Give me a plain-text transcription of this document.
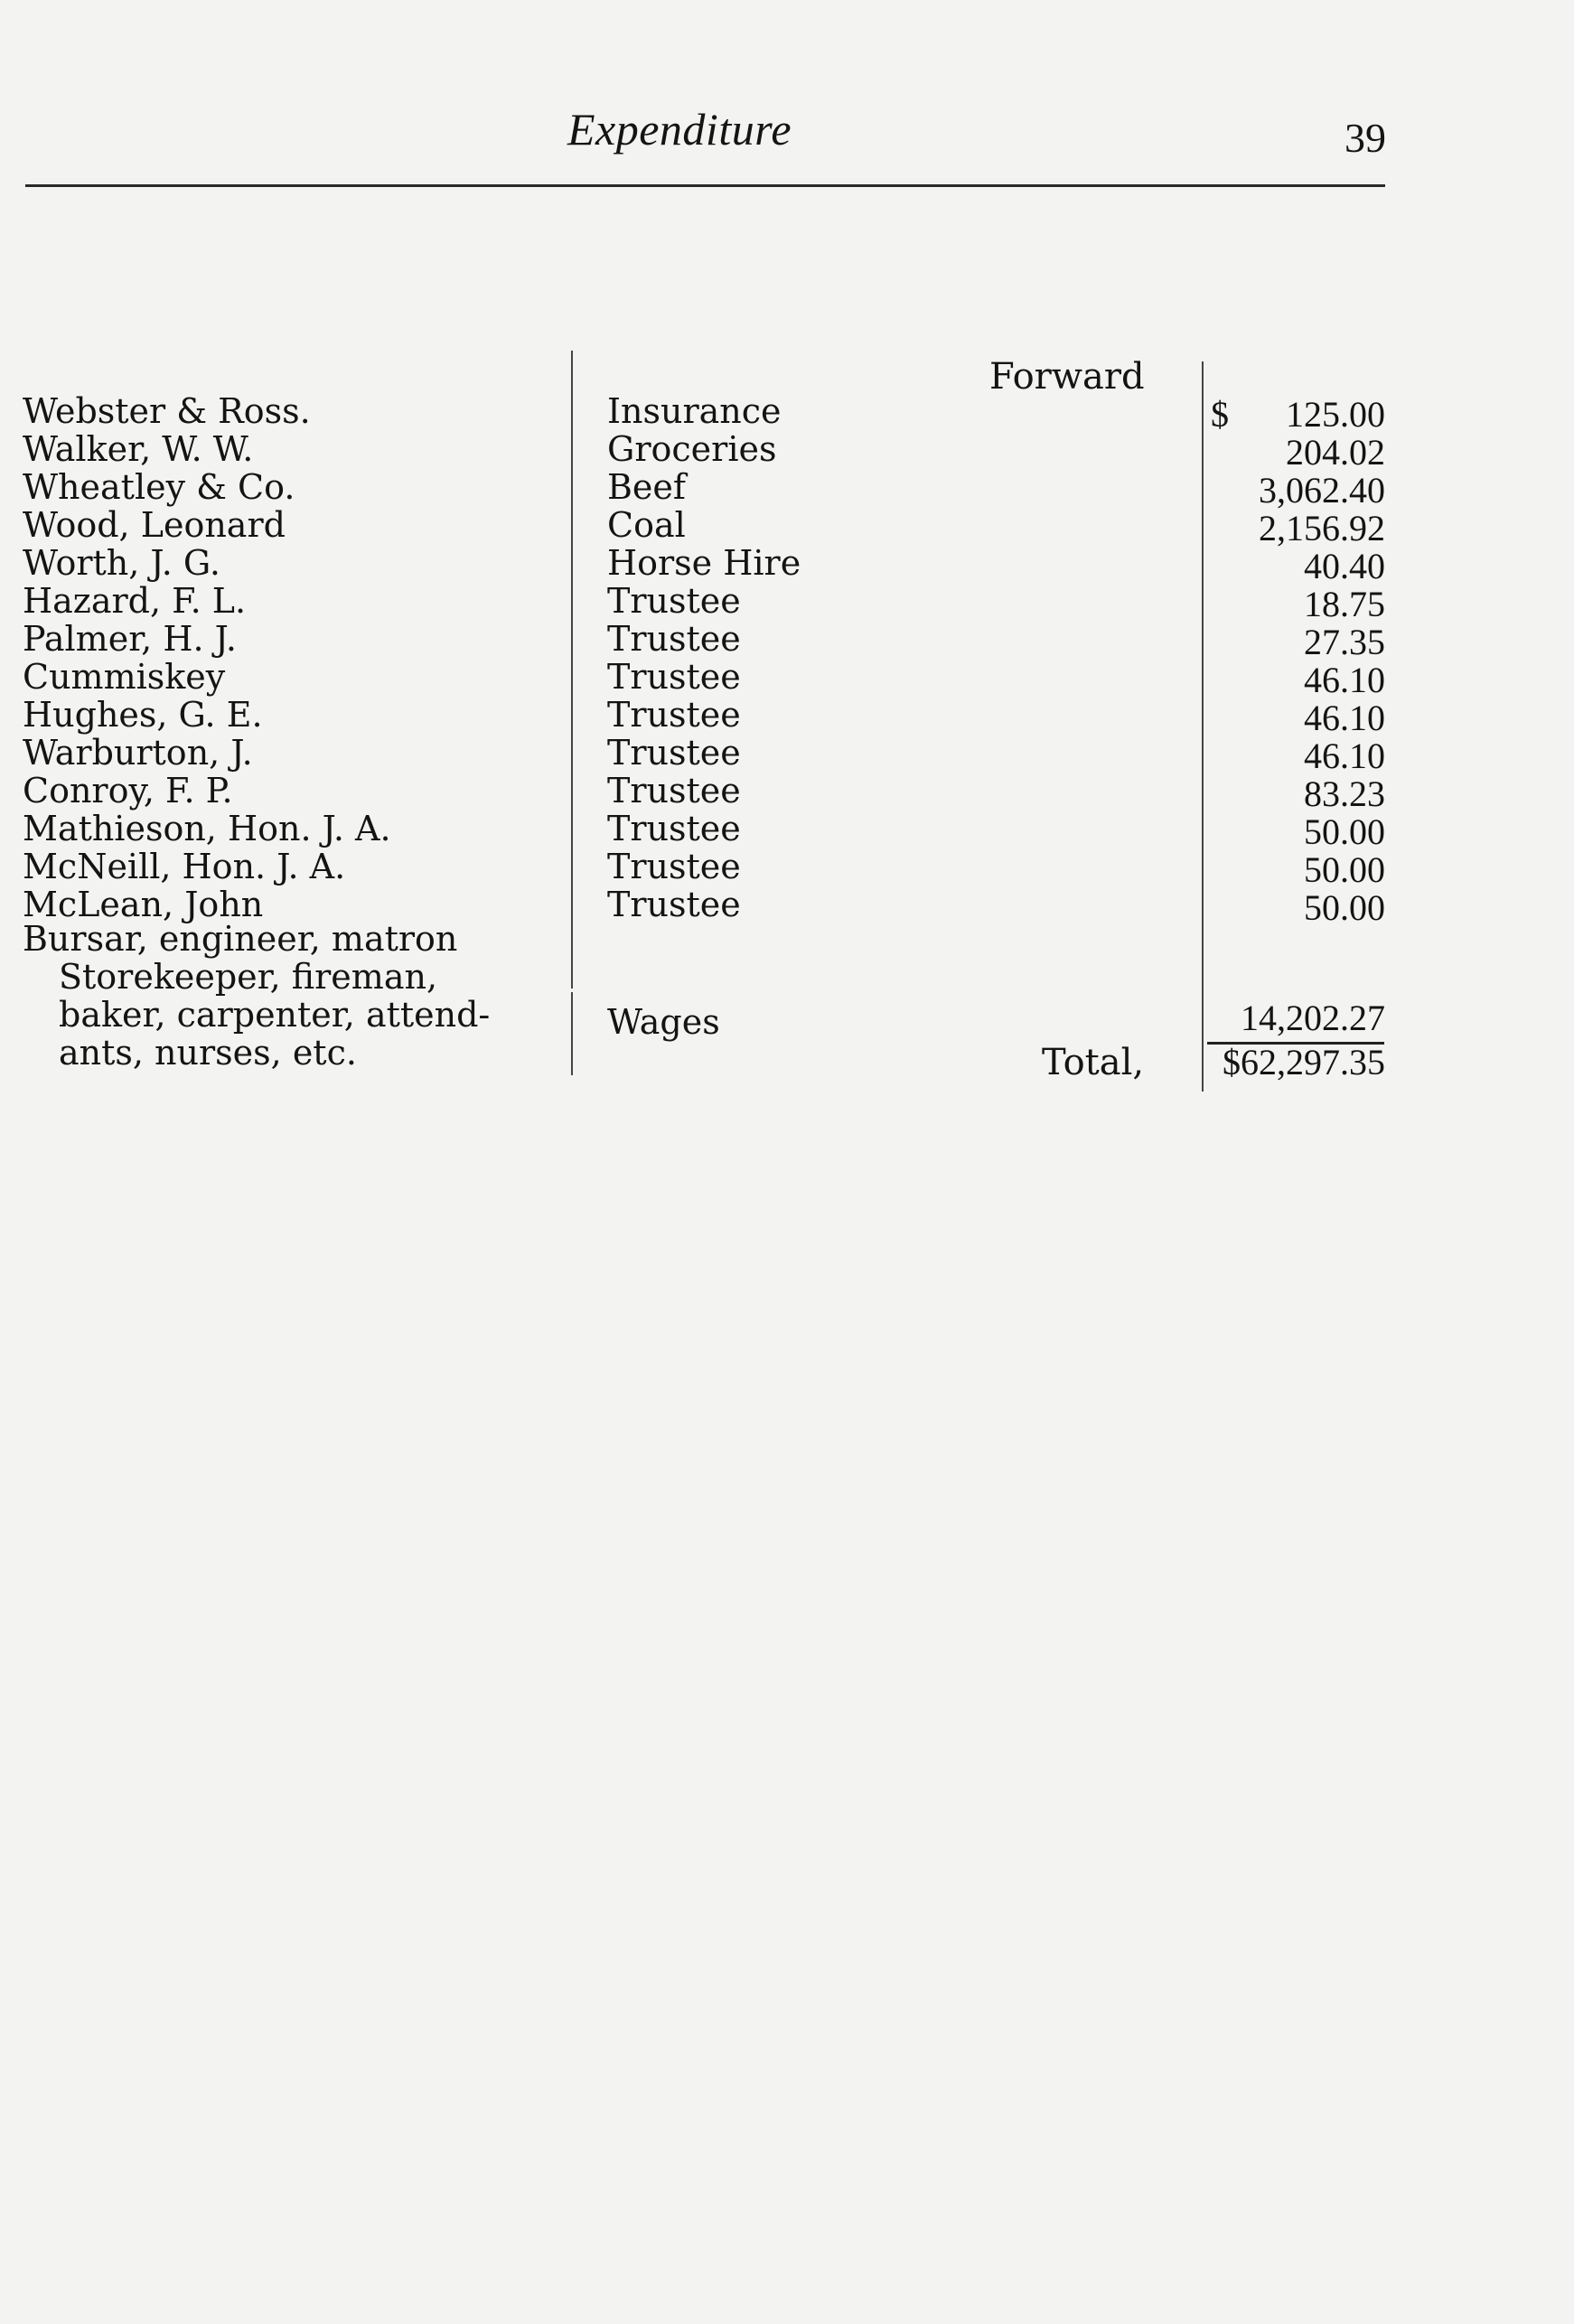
Expenditure	39
Forward
Webster & Ross.	Insurance	$	125.00
Walker, W. W.	Groceries	204.02
Wheatley & Co.	Beef	3,062.40
Wood, Leonard	Coal	2,156.92
Worth, J. G.	Horse Hire	40.40
Hazard, F. L.	Trustee	18.75
Palmer, H. J.	Trustee	27.35
Cummiskey	Trustee	46.10
Hughes, G. E.	Trustee	46.10
Warburton, J.	Trustee	46.10
Conroy, F. P.	Trustee	83.23
Mathieson, Hon. J. A.	Trustee	50.00
McNeill, Hon. J. A.	Trustee	50.00
McLean, John	Trustee	50.00
Bursar, engineer, matron
Storekeeper, fireman,
baker, carpenter, attend-
ants, nurses, etc.
Wages	14,202.27
Total, $62,297.35
